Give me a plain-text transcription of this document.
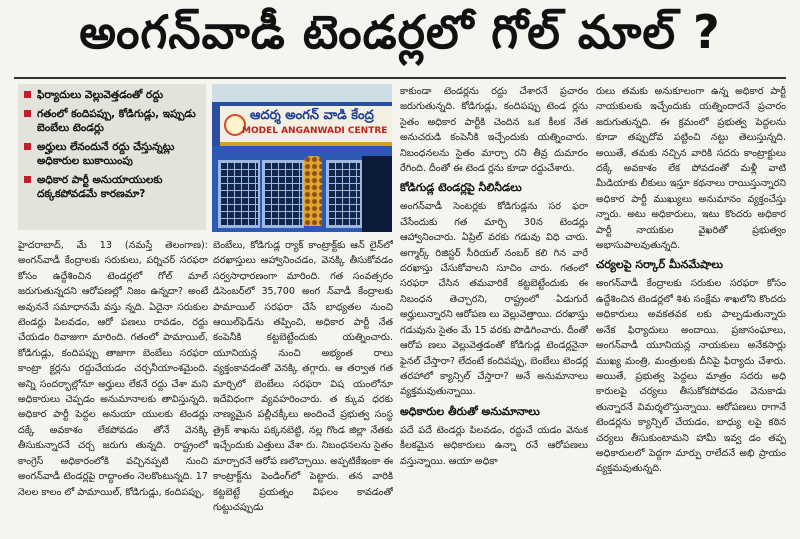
అంగన్‌వాడీ టెండర్లలో గోల్ మాల్ ?
ఫిర్యాదులు వెల్లువెత్తడంతో రద్దు
గతంలో కందిపప్పు, కోడిగుడ్లు, ఇప్పుడు బెంబేలు టెండర్లు
అర్హులు లేనందునే రద్దు చేస్తున్నట్లు అధికారుల బుకాయింపు
అధికార పార్టీ అనుయాయులకు దక్కకపోవడమే కారణమా?
ఆదర్శ అంగన్ వాడి కేంద్ర
MODEL ANGANWADI CENTRE

హైదరాబాద్, మే 13 (నమస్తే తెలంగాణ): అంగన్‌వాడీ కేంద్రాలకు సరుకులు, పర్నిచర్ సరఫరా కోసం ఉద్దేశించిన టెండర్లలో గోల్ మాల్ జరుగుతున్నదని ఆరోపణల్లో నిజం ఉన్నదా? అంటే అవుననే సమాధానమే వస్తు న్నది. ఏదైనా సరుకుల టెండర్లు పిలవడం, ఆరో పణలు రావడం, రద్దు చేయడం రివాజుగా మారింది. గతంలో పామాయిల్, కోడిగుడ్లు, కందిపప్పు తాజాగా బెంబేలు సరఫరా కాంట్రా క్టర్లను రద్దుచేయడం చర్చనీయాంశమైంది. అన్ని సందర్భాల్లోనూ అర్హులు లేకనే రద్దు చేశా మని అధికారులు చెప్పడం అనుమానాలకు తావిస్తున్నది. అధికార పార్టీ పెద్దల అనుయా యులకు టెండర్లు దక్కే అవకాశం లేకపోవడం తోనే వెనక్కి తీసుకున్నారనే చర్చ జరుగు తున్నది. రాష్ట్రంలో కాంగ్రెస్ అధికారంలోకి వచ్చినప్పటి నుంచి అంగన్‌వాడీ టెండర్లపై రాద్ధాంతం నెలకొంటున్నది. 17 నెలల కాలం లో పామాయిల్, కోడిగుడ్లు, కందిపప్పు,

బెంబేలు, కోడిగుడ్ల ర్యాక్‌ కాంట్రాక్ట్‌కు ఆన్ లైన్‌లో దరఖాస్తులు ఆహ్వానించడం, వెనక్కి తీసుకోవడం సర్వసాధారణంగా మారింది. గత సంవత్సరం డిసెంబర్‌లో 35,700 అంగ న్‌వాడీ కేంద్రాలకు పామాయిల్ సరఫరా చేసే బాధ్యతల నుంచి ఆయిల్‌ఫెడ్‌ను తప్పించి, అధికార పార్టీ నేత కంపెనీకి కట్టబెట్టేందుకు యత్నించారు. యూనియన్ల నుంచి అభ్యంత రాలు వ్యక్తంకావడంతో వెనక్కి తగ్గారు. ఆ తర్వాత గత మార్చిలో బెంబేలు సరఫరా విష యంలోనూ ఇదేవిధంగా వ్యవహరించారు. త క్కువ ధరకు నాణ్యమైన పల్లీచక్కీలు అందించే ప్రభుత్వ సంస్థ త్రైక్ శాఖను పక్కనబెట్టి, నల్ల గొండ జిల్లా నేతకు ఇచ్చేందుకు ఎత్తులు వేశా రు. నిబంధనలను సైతం మార్చారనే ఆరోప ణలొచ్చాయి. అప్పటికేఇంకా ఈ కాంట్రాక్ట్‌ను పెండింగ్‌లో పెట్టారు. తన వారికి కట్టబెట్టే ప్రయత్నం విఫలం కావడంతో గుట్టుచప్పుడు

కాకుండా టెండర్లను రద్దు చేశారనే ప్రచారం జరుగుతున్నది. కోడిగుడ్లు, కందిపప్పు టెండ ర్లను సైతం అధికార పార్టీకి చెందిన ఒక కీలక నేత అనుచరుడి కంపెనీకి ఇచ్చేందుకు యత్నించారు. నిబంధనలను సైతం మార్చా రని తీవ్ర దుమారం రేగింది. దీంతో ఈ టెండ ర్లను కూడా రద్దుచేశారు.

కోడిగుడ్ల టెండర్లపై నీలినీడలు

అంగన్‌వాడీ సెంటర్లకు కోడిగుడ్లను సర ఫరా చేసేందుకు గత మార్చి 30న టెండర్లు ఆహ్వానించారు. ఏప్రిల్ వరకు గడువు విధి చారు. అగ్మార్క్ రిజిస్టర్ సీరియల్ నంబర్ కలి గిన వారే దరఖాస్తు చేసుకోవాలని సూచిం చారు. గతంలో సరఫరా చేసిన తమవారికే కట్టబెట్టేందుకు ఈ నిబంధన తెచ్చారని, రాష్ట్రంలో ఏడుగురే అర్హులున్నారని ఆరోపణ లు వెల్లువెత్తాయి. దరఖాస్తు గడువును సైతం మే 15 వరకు పొడిగించారు. దీంతో ఆరోప ణలు వెల్లువెత్తడంతో కోడిగుడ్ల టెండర్లనైనా ఫైనల్ చేస్తారా? లేదంటే కందిపప్పు, బెంబేలు టెండర్ల తరహాలో క్యాన్సిల్ చేస్తారా? అనే అనుమానాలు వ్యక్తమవుతున్నాయి.

అధికారుల తీరుతో అనుమానాలు

పదే పదే టెండర్లు పిలవడం, రద్దుచే యడం వెనుక కీలకమైన అధికారులు ఉన్నా రనే ఆరోపణలు వస్తున్నాయి. ఆయా అధికా

రులు తమకు అనుకూలంగా ఉన్న అధికార పార్టీ నాయకులకు ఇచ్చేందుకు యత్నిందారనే ప్రచారం జరుగుతున్నది. ఈ క్రమంలో ప్రభుత్వ పెద్దలను కూడా తప్పుదోవ పట్టించి నట్టు తెలుస్తున్నది. అయితే, తమకు నచ్చిన వారికి సదరు కాంట్రాక్టులు దక్కే అవకాశం లేక పోవడంతో మళ్లీ వాటి మీడియాకు లీకులు ఇస్తూ కథనాలు రాయిస్తున్నారని అధికార పార్టీ ముఖ్యులు అనుమానం వ్యక్తంచేస్తు న్నారు. అటు అధికారులు, ఇటు కొందరు అధికార పార్టీ నాయకుల వైఖరితో ప్రభుత్వం అభాసుపాలవుతున్నది.

చర్యలపై సర్కార్ మీనమేషాలు

అంగన్‌వాడీ కేంద్రాలకు సరుకుల సరఫరా కోసం ఉద్దేశించిన టెండర్లలో శిశు సంక్షేమ శాఖలోని కొందరు అధికారులు అవకతవక లకు పాల్పడుతున్నారు అనేక ఫిర్యాదులు అందాయి. ప్రజాసంఘాలు, అంగన్‌వాడీ యూనియన్ల నాయకులు అనేకసార్లు ముఖ్య మంత్రి, మంత్రులకు దీనిపై ఫిర్యాదు చేశారు. అయితే, ప్రభుత్వ పెద్దలు మాత్రం సదరు అధి కారులపై చర్యలు తీసుకోకపోవడం వెనుకాడు తున్నారనే విమర్శలొస్తున్నాయి. ఆరోపణలు రాగానే టెండర్లను క్యాన్సిల్ చేయడం, బాధ్యు లపై కఠిన చర్యలు తీసుకుంటామని హామీ ఇవ్వ డం తప్ప అధికారులలో పెద్దగా మార్పు రాలేదనే అభి ప్రాయం వ్యక్తమవుతున్నది.
